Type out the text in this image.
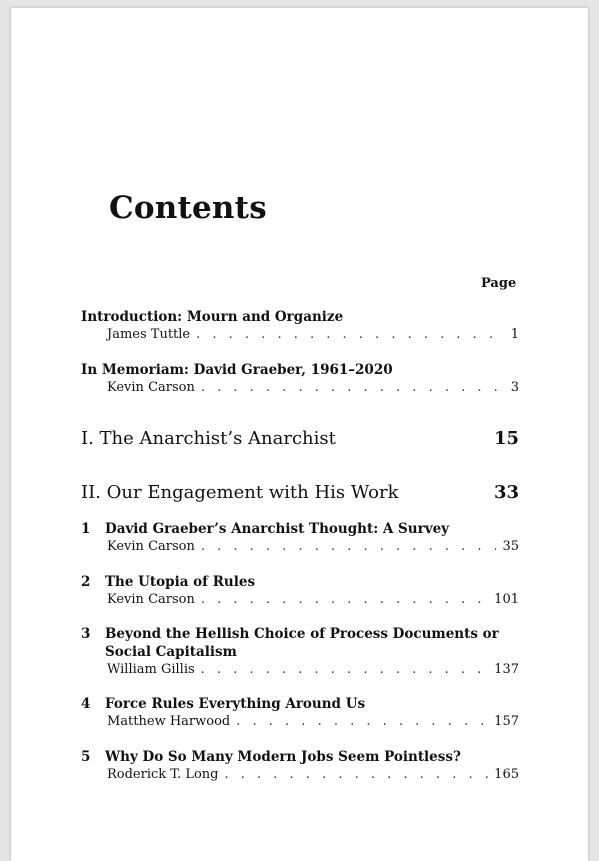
Contents
Page
Introduction: Mourn and Organize
James Tuttle . . .	1
In Memoriam: David Graeber, 1961–2020
Kevin Carson . . .	3
I. The Anarchist’s Anarchist	15
II. Our Engagement with His Work	33
1 David Graeber’s Anarchist Thought: A Survey
Kevin Carson . . .	35
2 The Utopia of Rules
Kevin Carson . . .	101
3 Beyond the Hellish Choice of Process Documents or Social Capitalism
William Gillis . . .	137
4 Force Rules Everything Around Us
Matthew Harwood . . .	157
5 Why Do So Many Modern Jobs Seem Pointless?
Roderick T. Long . . .	165
